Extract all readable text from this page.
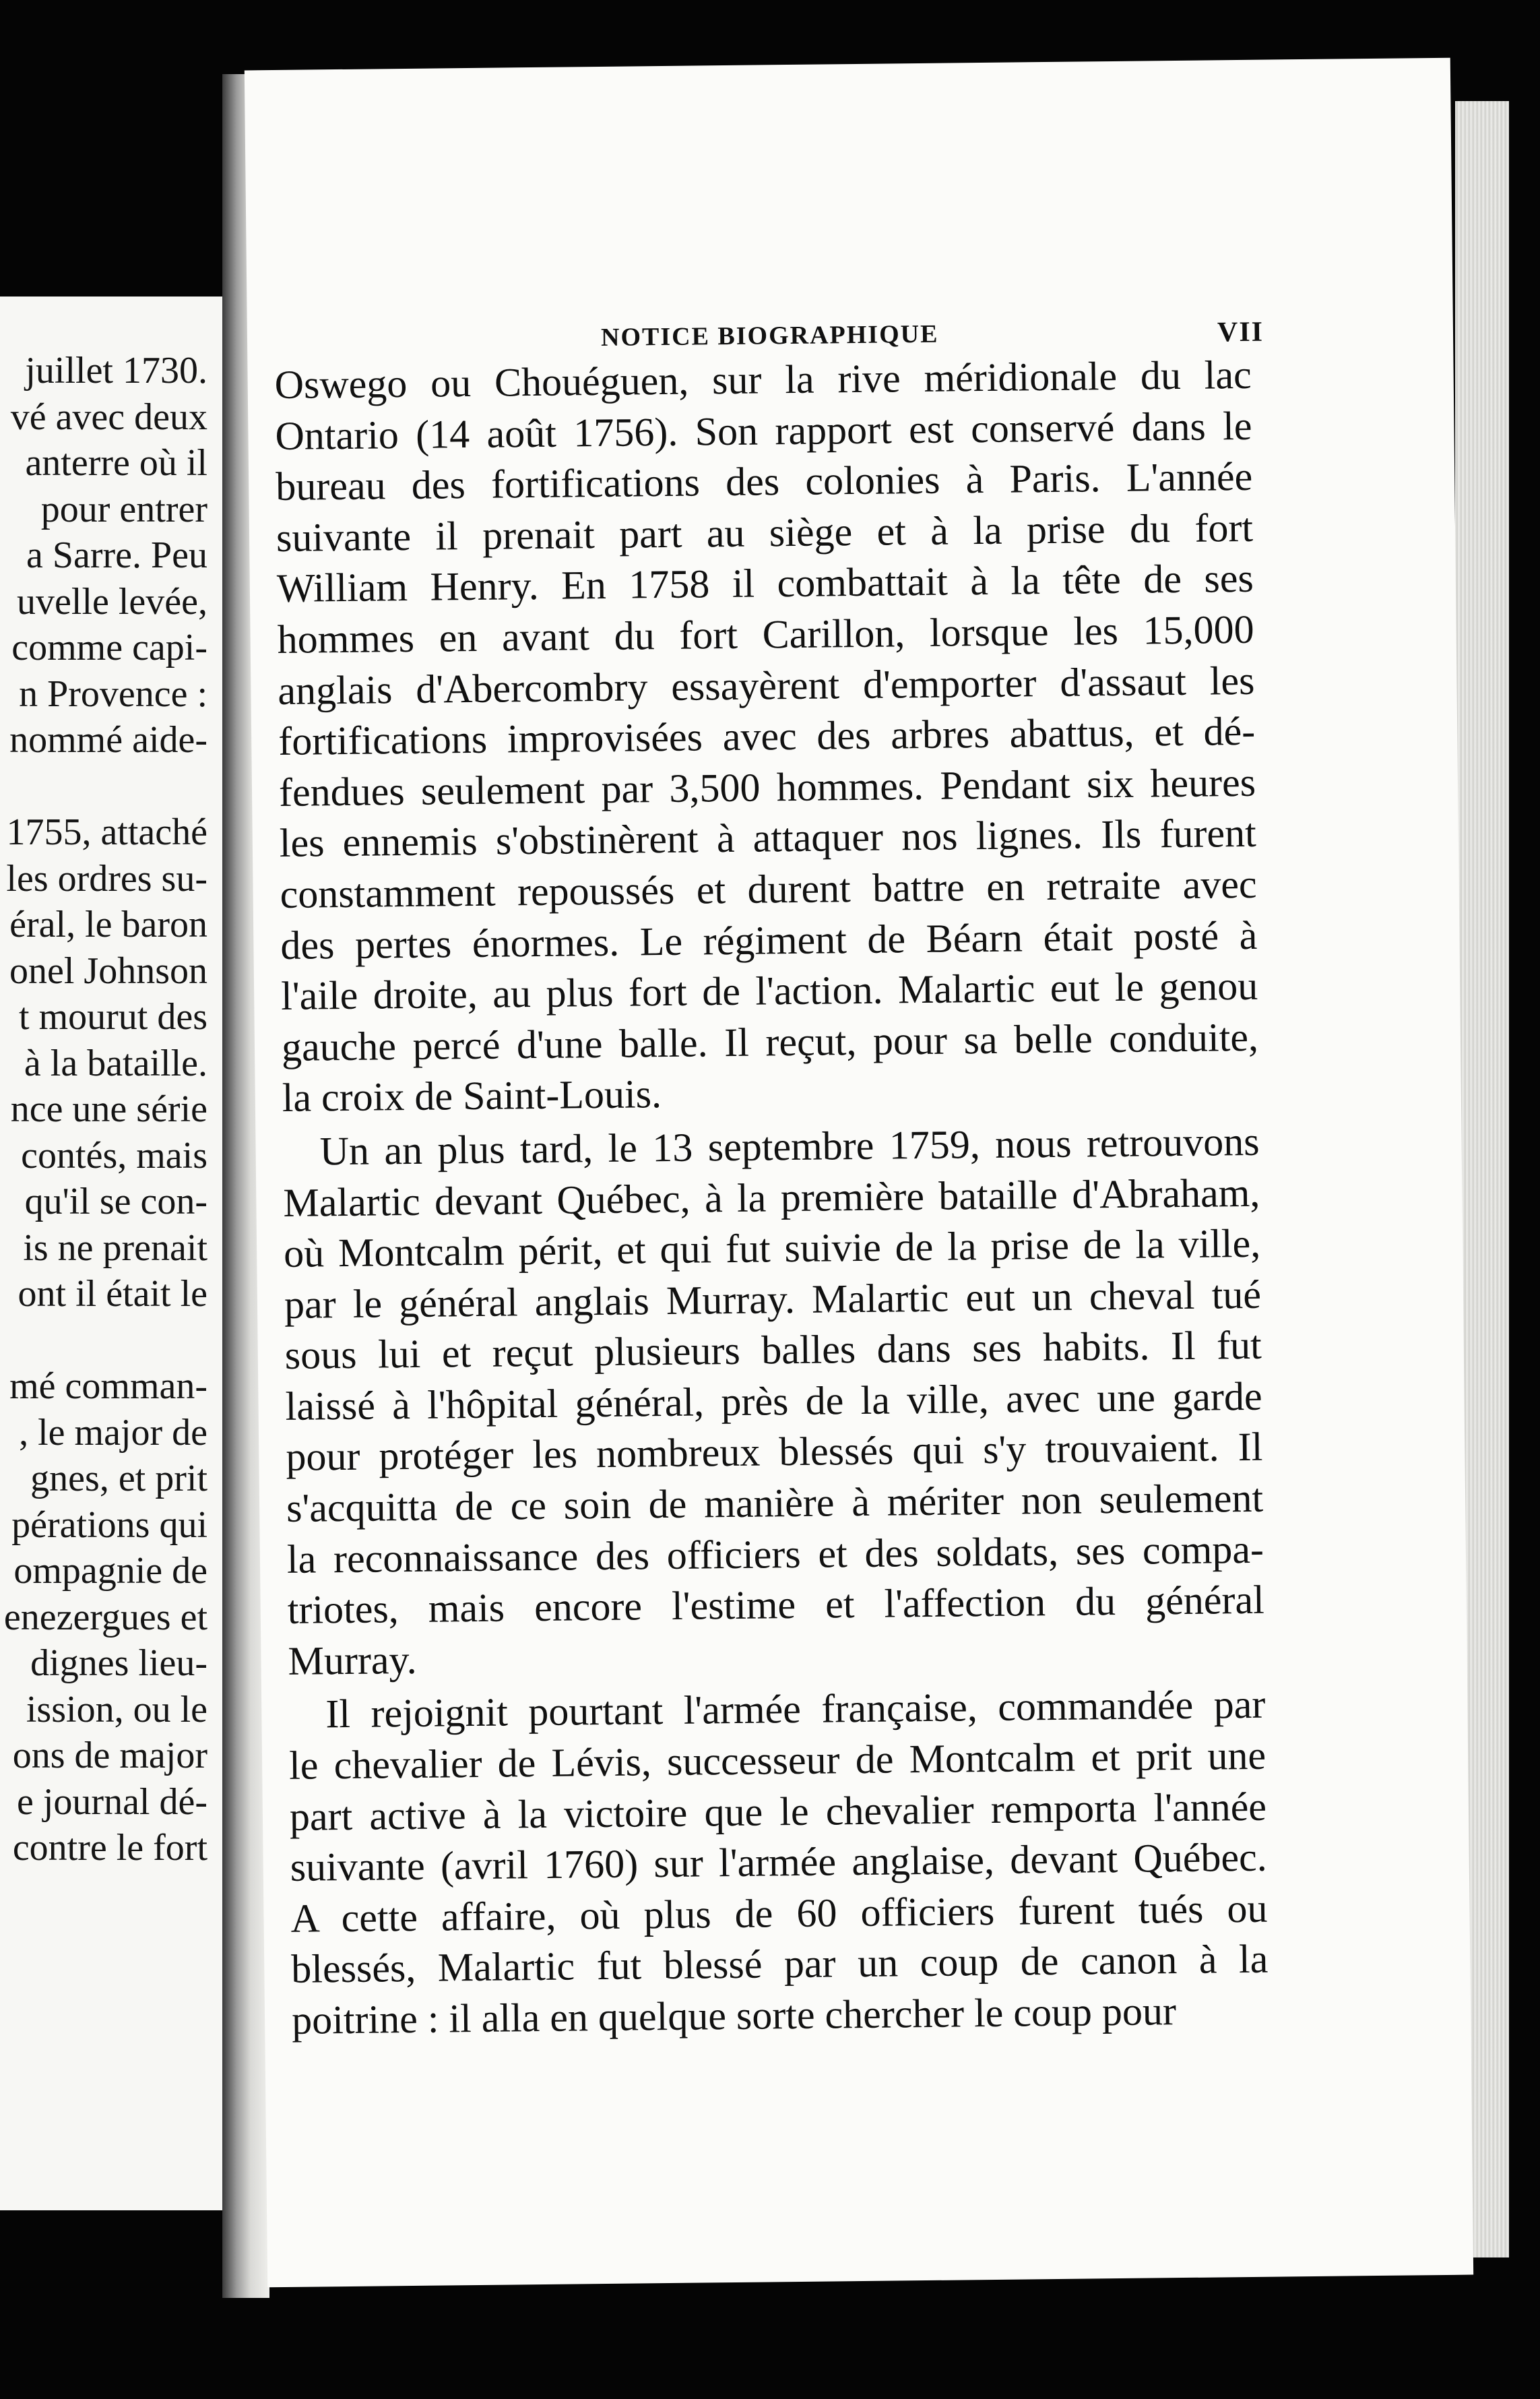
juillet 1730.
vé avec deux
anterre où il
pour entrer
a Sarre. Peu
uvelle levée,
comme capi-
n Provence :
nommé aide-
1755, attaché
les ordres su-
éral, le baron
onel Johnson
t mourut des
à la bataille.
nce une série
contés, mais
qu'il se con-
is ne prenait
ont il était le
mé comman-
, le major de
gnes, et prit
pérations qui
ompagnie de
enezergues et
dignes lieu-
ission, ou le
ons de major
e journal dé-
contre le fort
NOTICE BIOGRAPHIQUE	VII
Oswego ou Chouéguen, sur la rive méridionale du lac
Ontario (14 août 1756). Son rapport est conservé dans le
bureau des fortifications des colonies à Paris. L'année
suivante il prenait part au siège et à la prise du fort
William Henry. En 1758 il combattait à la tête de ses
hommes en avant du fort Carillon, lorsque les 15,000
anglais d'Abercombry essayèrent d'emporter d'assaut les
fortifications improvisées avec des arbres abattus, et dé-
fendues seulement par 3,500 hommes. Pendant six heures
les ennemis s'obstinèrent à attaquer nos lignes. Ils furent
constamment repoussés et durent battre en retraite avec
des pertes énormes. Le régiment de Béarn était posté à
l'aile droite, au plus fort de l'action. Malartic eut le genou
gauche percé d'une balle. Il reçut, pour sa belle conduite,
la croix de Saint-Louis.
Un an plus tard, le 13 septembre 1759, nous retrouvons
Malartic devant Québec, à la première bataille d'Abraham,
où Montcalm périt, et qui fut suivie de la prise de la ville,
par le général anglais Murray. Malartic eut un cheval tué
sous lui et reçut plusieurs balles dans ses habits. Il fut
laissé à l'hôpital général, près de la ville, avec une garde
pour protéger les nombreux blessés qui s'y trouvaient. Il
s'acquitta de ce soin de manière à mériter non seulement
la reconnaissance des officiers et des soldats, ses compa-
triotes, mais encore l'estime et l'affection du général
Murray.
Il rejoignit pourtant l'armée française, commandée par
le chevalier de Lévis, successeur de Montcalm et prit une
part active à la victoire que le chevalier remporta l'année
suivante (avril 1760) sur l'armée anglaise, devant Québec.
A cette affaire, où plus de 60 officiers furent tués ou
blessés, Malartic fut blessé par un coup de canon à la
poitrine : il alla en quelque sorte chercher le coup pour
